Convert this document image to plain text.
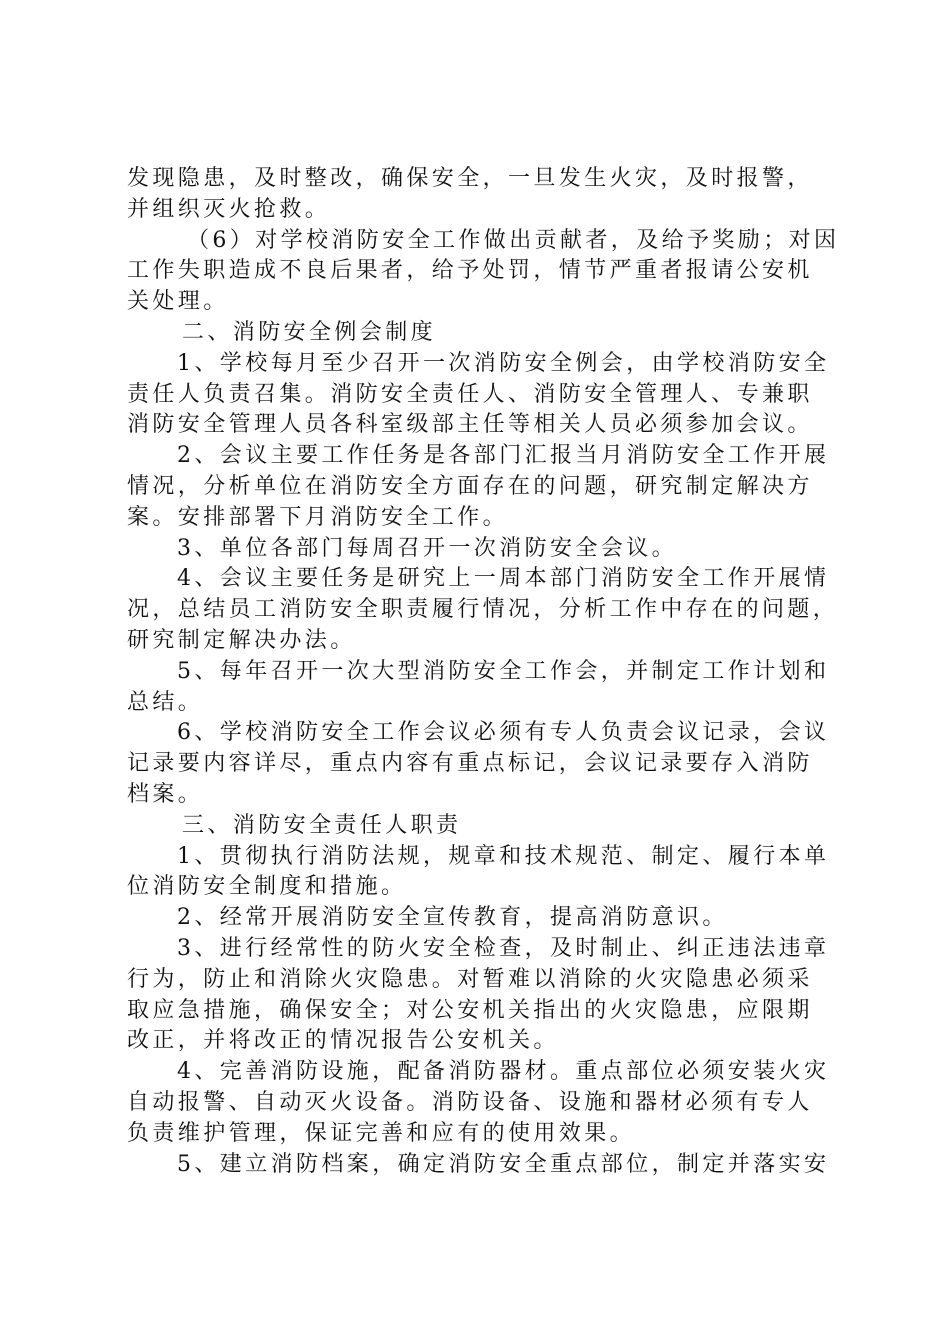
发现隐患，及时整改，确保安全，一旦发生火灾，及时报警，
并组织灭火抢救。
（6）对学校消防安全工作做出贡献者，及给予奖励；对因
工作失职造成不良后果者，给予处罚，情节严重者报请公安机
关处理。
二、消防安全例会制度
1、学校每月至少召开一次消防安全例会，由学校消防安全
责任人负责召集。消防安全责任人、消防安全管理人、专兼职
消防安全管理人员各科室级部主任等相关人员必须参加会议。
2、会议主要工作任务是各部门汇报当月消防安全工作开展
情况，分析单位在消防安全方面存在的问题，研究制定解决方
案。安排部署下月消防安全工作。
3、单位各部门每周召开一次消防安全会议。
4、会议主要任务是研究上一周本部门消防安全工作开展情
况，总结员工消防安全职责履行情况，分析工作中存在的问题，
研究制定解决办法。
5、每年召开一次大型消防安全工作会，并制定工作计划和
总结。
6、学校消防安全工作会议必须有专人负责会议记录，会议
记录要内容详尽，重点内容有重点标记，会议记录要存入消防
档案。
三、消防安全责任人职责
1、贯彻执行消防法规，规章和技术规范、制定、履行本单
位消防安全制度和措施。
2、经常开展消防安全宣传教育，提高消防意识。
3、进行经常性的防火安全检查，及时制止、纠正违法违章
行为，防止和消除火灾隐患。对暂难以消除的火灾隐患必须采
取应急措施，确保安全；对公安机关指出的火灾隐患，应限期
改正，并将改正的情况报告公安机关。
4、完善消防设施，配备消防器材。重点部位必须安装火灾
自动报警、自动灭火设备。消防设备、设施和器材必须有专人
负责维护管理，保证完善和应有的使用效果。
5、建立消防档案，确定消防安全重点部位，制定并落实安
